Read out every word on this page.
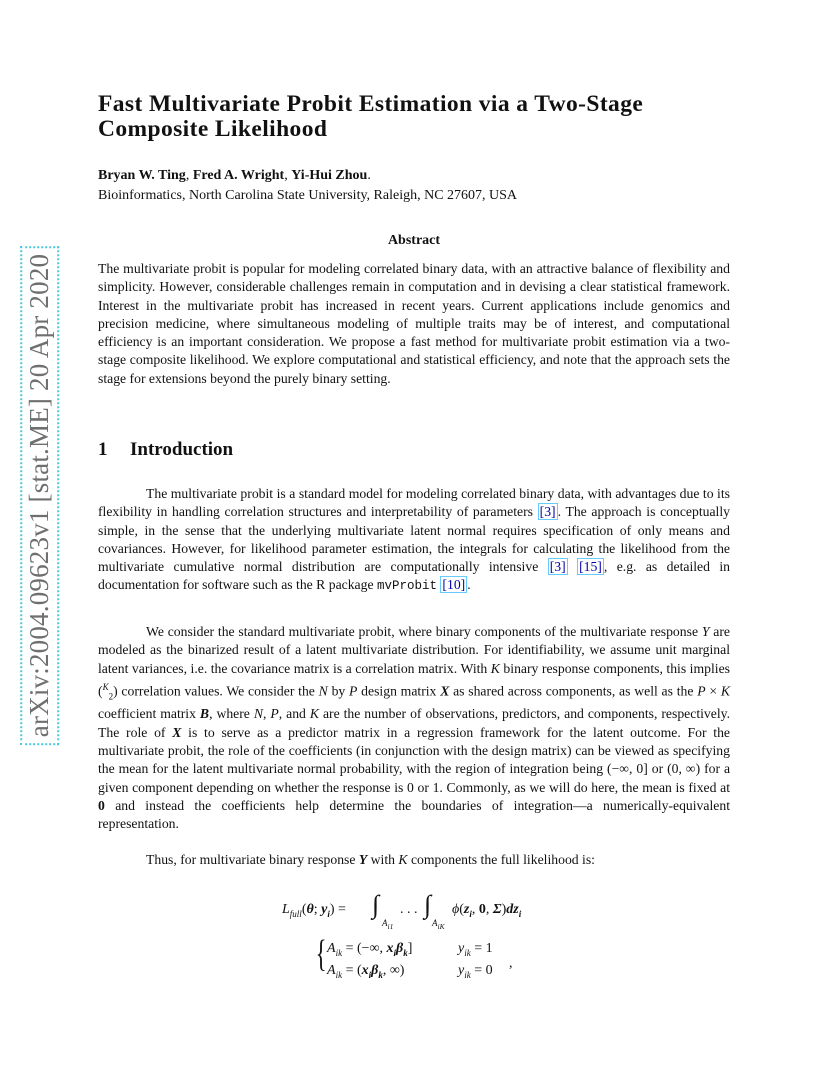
arXiv:2004.09623v1 [stat.ME] 20 Apr 2020
Fast Multivariate Probit Estimation via a Two-Stage Composite Likelihood
Bryan W. Ting, Fred A. Wright, Yi-Hui Zhou.
Bioinformatics, North Carolina State University, Raleigh, NC 27607, USA
Abstract

The multivariate probit is popular for modeling correlated binary data, with an attractive balance of flexibility and simplicity. However, considerable challenges remain in computation and in devising a clear statistical framework. Interest in the multivariate probit has increased in recent years. Current applications include genomics and precision medicine, where simultaneous modeling of multiple traits may be of interest, and computational efficiency is an important consideration. We propose a fast method for multivariate probit estimation via a two-stage composite likelihood. We explore computational and statistical efficiency, and note that the approach sets the stage for extensions beyond the purely binary setting.

1 Introduction

The multivariate probit is a standard model for modeling correlated binary data, with advantages due to its flexibility in handling correlation structures and interpretability of parameters [3] . The approach is conceptually simple, in the sense that the underlying multivariate latent normal requires specification of only means and covariances. However, for likelihood parameter estimation, the integrals for calculating the likelihood from the multivariate cumulative normal distribution are computationally intensive [3] [15] , e.g. as detailed in documentation for software such as the R package mvProbit [10] .

We consider the standard multivariate probit, where binary components of the multivariate response Y are modeled as the binarized result of a latent multivariate distribution. For identifiability, we assume unit marginal latent variances, i.e. the covariance matrix is a correlation matrix. With K binary response components, this implies ($^K_2$) correlation values. We consider the N by P design matrix X as shared across components, as well as the P × K coefficient matrix B, where N, P, and K are the number of observations, predictors, and components, respectively. The role of X is to serve as a predictor matrix in a regression framework for the latent outcome. For the multivariate probit, the role of the coefficients (in conjunction with the design matrix) can be viewed as specifying the mean for the latent multivariate normal probability, with the region of integration being (−∞, 0] or (0, ∞) for a given component depending on whether the response is 0 or 1. Commonly, as we will do here, the mean is fixed at 0 and instead the coefficients help determine the boundaries of integration—a numerically-equivalent representation.

Thus, for multivariate binary response Y with K components the full likelihood is:

$L_{full}(\theta$; $y_i$) = ∫
$A_{i1}$
. . . ∫
$A_{iK}$
$\phi(z_i$, 0, $\Sigma)dz_i$
{ $A_{ik}$ = (−∞, $x_i\beta_k$]
$A_{ik} = (x_i\beta_k$, ∞)
$y_{ik} = 1$
$y_{ik} = 0$ ,
